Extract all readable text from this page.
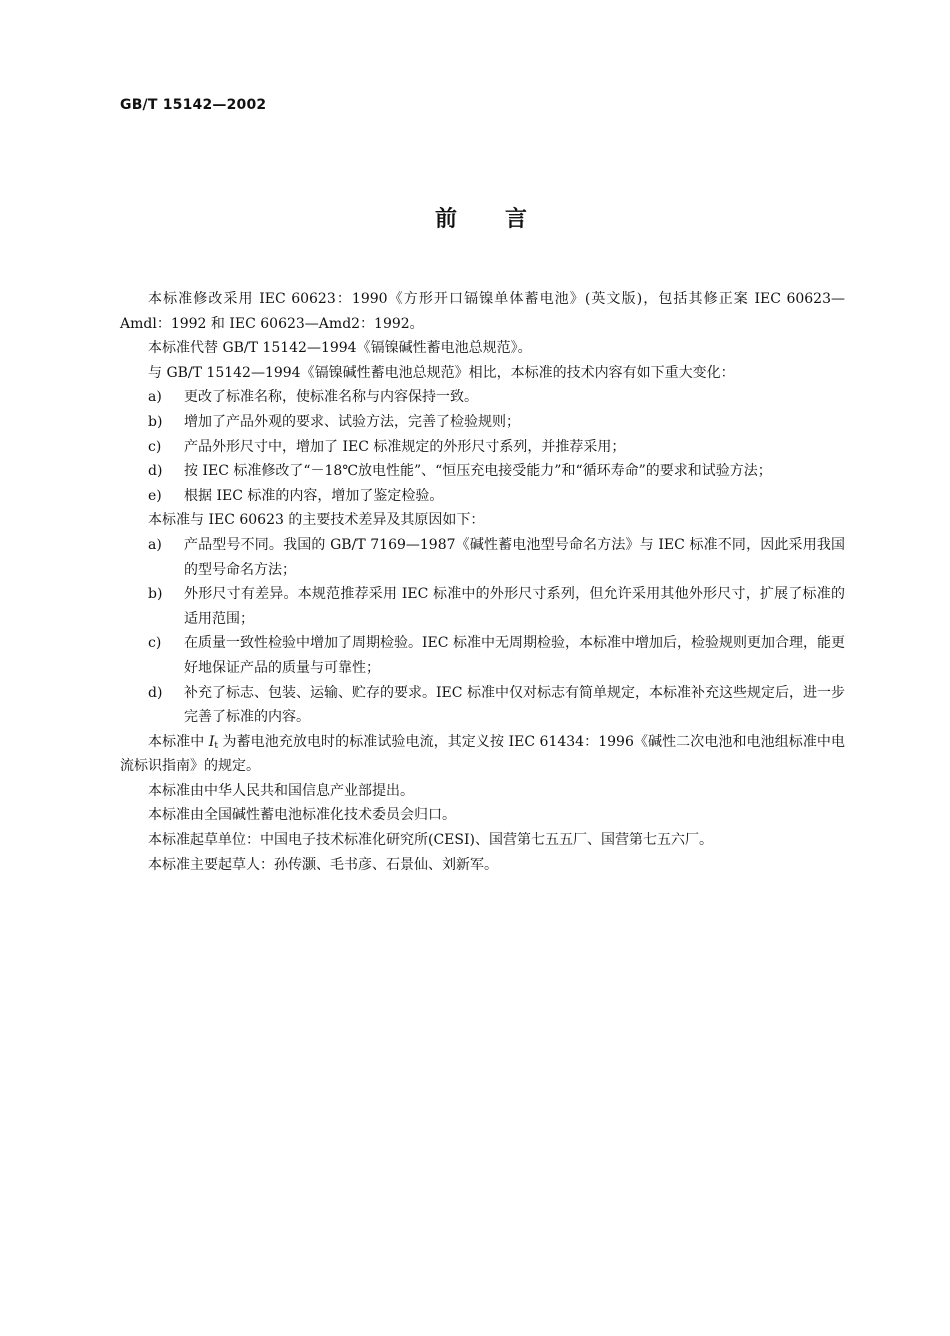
GB/T 15142—2002
前言

本标准修改采用 IEC 60623：1990《方形开口镉镍单体蓄电池》(英文版)，包括其修正案 IEC 60623—Amdl：1992 和 IEC 60623—Amd2：1992。

本标准代替 GB/T 15142—1994《镉镍碱性蓄电池总规范》。

与 GB/T 15142—1994《镉镍碱性蓄电池总规范》相比，本标准的技术内容有如下重大变化：

a)	更改了标准名称，使标准名称与内容保持一致。
b)	增加了产品外观的要求、试验方法，完善了检验规则；
c)	产品外形尺寸中，增加了 IEC 标准规定的外形尺寸系列，并推荐采用；
d)	按 IEC 标准修改了“－18℃放电性能”、“恒压充电接受能力”和“循环寿命”的要求和试验方法；
e)	根据 IEC 标准的内容，增加了鉴定检验。

本标准与 IEC 60623 的主要技术差异及其原因如下：

a)	产品型号不同。我国的 GB/T 7169—1987《碱性蓄电池型号命名方法》与 IEC 标准不同，因此采用我国的型号命名方法；
b)	外形尺寸有差异。本规范推荐采用 IEC 标准中的外形尺寸系列，但允许采用其他外形尺寸，扩展了标准的适用范围；
c)	在质量一致性检验中增加了周期检验。IEC 标准中无周期检验，本标准中增加后，检验规则更加合理，能更好地保证产品的质量与可靠性；
d)	补充了标志、包装、运输、贮存的要求。IEC 标准中仅对标志有简单规定，本标准补充这些规定后，进一步完善了标准的内容。

本标准中 $I_t$ 为蓄电池充放电时的标准试验电流，其定义按 IEC 61434：1996《碱性二次电池和电池组标准中电流标识指南》的规定。

本标准由中华人民共和国信息产业部提出。

本标准由全国碱性蓄电池标准化技术委员会归口。

本标准起草单位：中国电子技术标准化研究所(CESI)、国营第七五五厂、国营第七五六厂。

本标准主要起草人：孙传灏、毛书彦、石景仙、刘新军。
